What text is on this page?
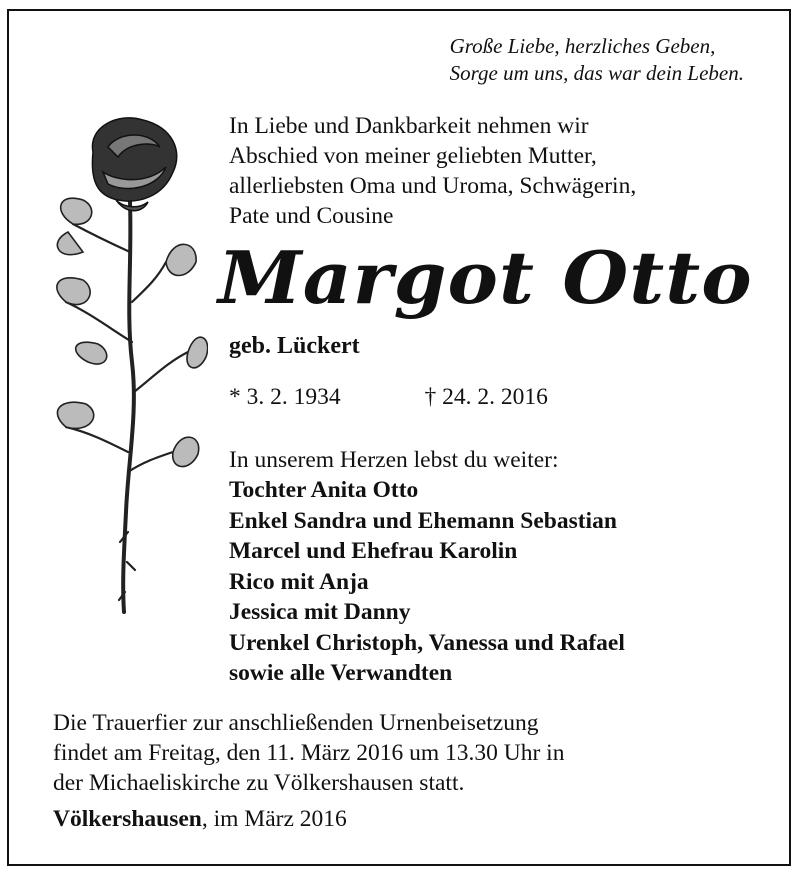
Große Liebe, herzliches Geben,
Sorge um uns, das war dein Leben.
In Liebe und Dankbarkeit nehmen wir
Abschied von meiner geliebten Mutter,
allerliebsten Oma und Uroma, Schwägerin,
Pate und Cousine
Margot Otto
geb. Lückert
* 3. 2. 1934	† 24. 2. 2016
In unserem Herzen lebst du weiter:
Tochter Anita Otto
Enkel Sandra und Ehemann Sebastian
Marcel und Ehefrau Karolin
Rico mit Anja
Jessica mit Danny
Urenkel Christoph, Vanessa und Rafael
sowie alle Verwandten
Die Trauerfier zur anschließenden Urnenbeisetzung
findet am Freitag, den 11. März 2016 um 13.30 Uhr in
der Michaeliskirche zu Völkershausen statt.
Völkershausen, im März 2016
